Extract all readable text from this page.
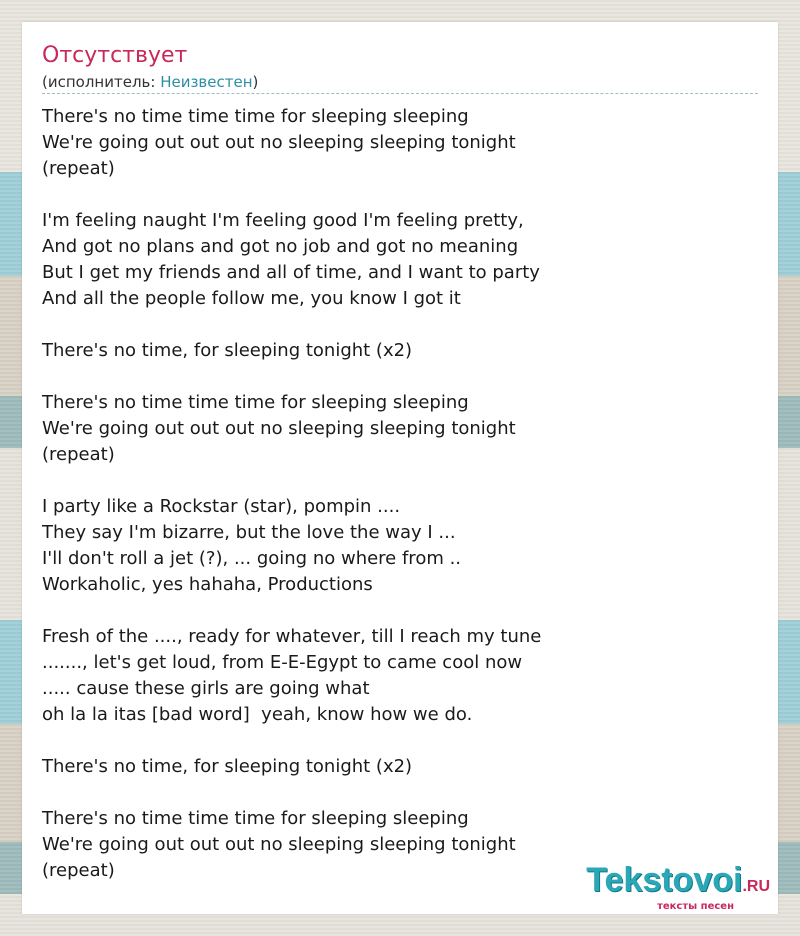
Отсутствует
(исполнитель: Неизвестен)
There's no time time time for sleeping sleeping
We're going out out out no sleeping sleeping tonight
(repeat)
I'm feeling naught I'm feeling good I'm feeling pretty,
And got no plans and got no job and got no meaning
But I get my friends and all of time, and I want to party
And all the people follow me, you know I got it
There's no time, for sleeping tonight (x2)
There's no time time time for sleeping sleeping
We're going out out out no sleeping sleeping tonight
(repeat)
I party like a Rockstar (star), pompin ....
They say I'm bizarre, but the love the way I ...
I'll don't roll a jet (?), ... going no where from ..
Workaholic, yes hahaha, Productions
Fresh of the ...., ready for whatever, till I reach my tune
......., let's get loud, from E-E-Egypt to came cool now
..... cause these girls are going what
oh la la itas [bad word]  yeah, know how we do.
There's no time, for sleeping tonight (x2)
There's no time time time for sleeping sleeping
We're going out out out no sleeping sleeping tonight
(repeat)	Tekstovoi.RU
тексты песен
